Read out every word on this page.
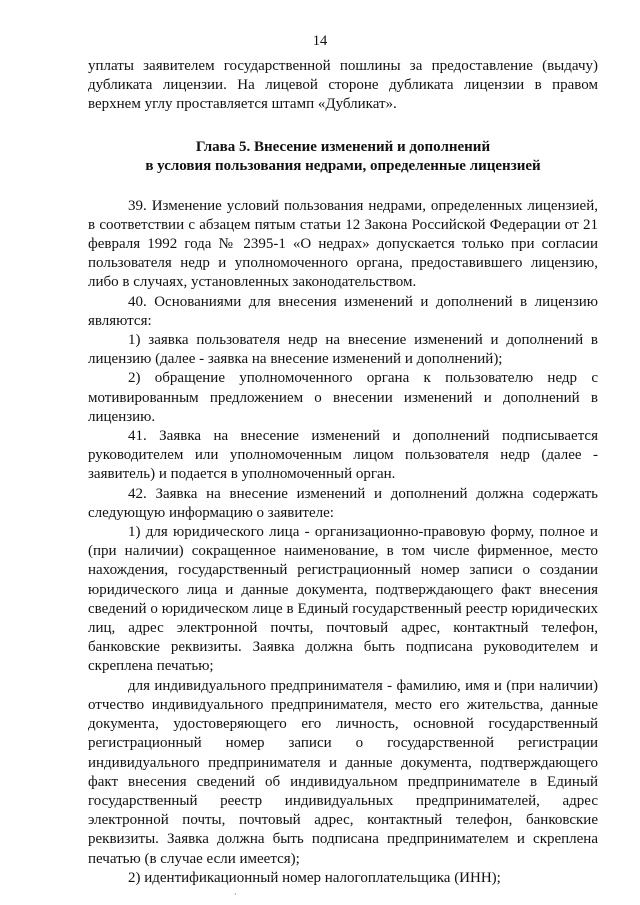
14

уплаты заявителем государственной пошлины за предоставление (выдачу) дубликата лицензии. На лицевой стороне дубликата лицензии в правом верхнем углу проставляется штамп «Дубликат».

Глава 5. Внесение изменений и дополнений
в условия пользования недрами, определенные лицензией

39. Изменение условий пользования недрами, определенных лицензией, в соответствии с абзацем пятым статьи 12 Закона Российской Федерации от 21 февраля 1992 года № 2395-1 «О недрах» допускается только при согласии пользователя недр и уполномоченного органа, предоставившего лицензию, либо в случаях, установленных законодательством.

40. Основаниями для внесения изменений и дополнений в лицензию являются:

1) заявка пользователя недр на внесение изменений и дополнений в лицензию (далее - заявка на внесение изменений и дополнений);

2) обращение уполномоченного органа к пользователю недр с мотивированным предложением о внесении изменений и дополнений в лицензию.

41. Заявка на внесение изменений и дополнений подписывается руководителем или уполномоченным лицом пользователя недр (далее - заявитель) и подается в уполномоченный орган.

42. Заявка на внесение изменений и дополнений должна содержать следующую информацию о заявителе:

1) для юридического лица - организационно-правовую форму, полное и (при наличии) сокращенное наименование, в том числе фирменное, место нахождения, государственный регистрационный номер записи о создании юридического лица и данные документа, подтверждающего факт внесения сведений о юридическом лице в Единый государственный реестр юридических лиц, адрес электронной почты, почтовый адрес, контактный телефон, банковские реквизиты. Заявка должна быть подписана руководителем и скреплена печатью;

для индивидуального предпринимателя - фамилию, имя и (при наличии) отчество индивидуального предпринимателя, место его жительства, данные документа, удостоверяющего его личность, основной государственный регистрационный номер записи о государственной регистрации индивидуального предпринимателя и данные документа, подтверждающего факт внесения сведений об индивидуальном предпринимателе в Единый государственный реестр индивидуальных предпринимателей, адрес электронной почты, почтовый адрес, контактный телефон, банковские реквизиты. Заявка должна быть подписана предпринимателем и скреплена печатью (в случае если имеется);

2) идентификационный номер налогоплательщика (ИНН);

·
